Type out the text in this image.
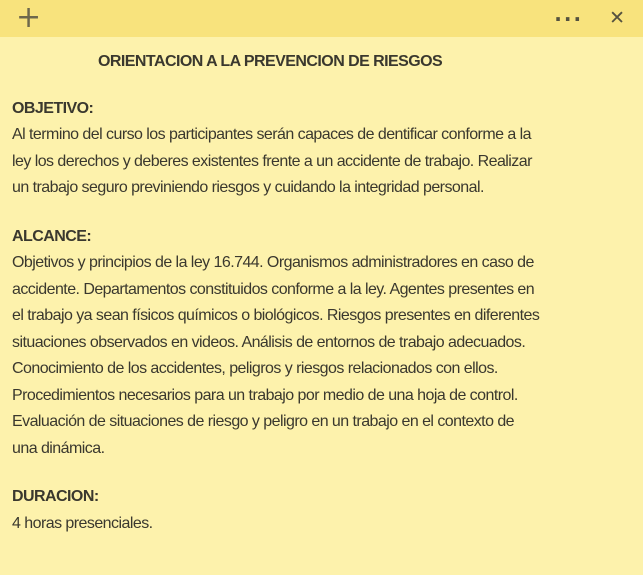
+	··· ✕
ORIENTACION A LA PREVENCION DE RIESGOS
OBJETIVO:
Al termino del curso los participantes serán capaces de dentificar conforme a la
ley los derechos y deberes existentes frente a un accidente de trabajo. Realizar
un trabajo seguro previniendo riesgos y cuidando la integridad personal.
ALCANCE:
Objetivos y principios de la ley 16.744. Organismos administradores en caso de
accidente. Departamentos constituidos conforme a la ley. Agentes presentes en
el trabajo ya sean físicos químicos o biológicos. Riesgos presentes en diferentes
situaciones observados en videos. Análisis de entornos de trabajo adecuados.
Conocimiento de los accidentes, peligros y riesgos relacionados con ellos.
Procedimientos necesarios para un trabajo por medio de una hoja de control.
Evaluación de situaciones de riesgo y peligro en un trabajo en el contexto de
una dinámica.
DURACION:
4 horas presenciales.
